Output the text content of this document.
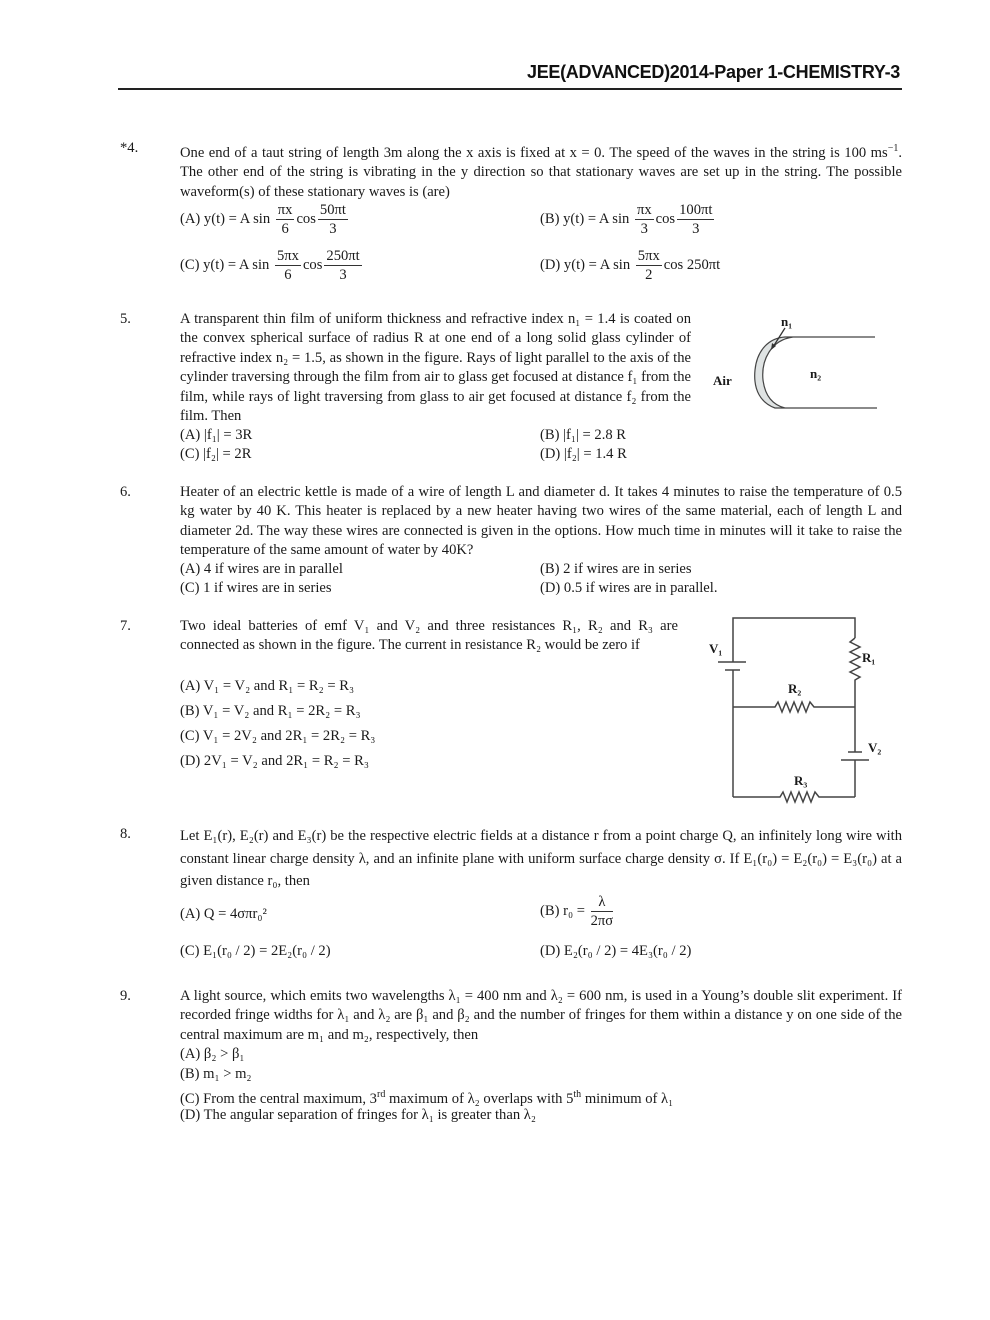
JEE(ADVANCED)2014-Paper 1-CHEMISTRY-3
*4.	One end of a taut string of length 3m along the x axis is fixed at x = 0. The speed of the waves in the string is 100 $ms^{-1}$. The other end of the string is vibrating in the y direction so that stationary waves are set up in the string. The possible waveform(s) of these stationary waves is (are)
(A) y(t) = A $\sin \frac{\pi x}{6}$ $\cos \frac{50\pi t}{3}$	(B) y(t) = A $\sin \frac{\pi x}{3}$ $\cos \frac{100\pi t}{3}$
(C) y(t) = A $\sin \frac{5\pi x}{6}$ $\cos \frac{250\pi t}{3}$	(D) y(t) = A $\sin \frac{5\pi x}{2}$ cos 250πt
5.	A transparent thin film of uniform thickness and refractive index n₁ = 1.4 is coated on the convex spherical surface of radius R at one end of a long solid glass cylinder of refractive index n₂ = 1.5, as shown in the figure. Rays of light parallel to the axis of the cylinder traversing through the film from air to glass get focused at distance f₁ from the film, while rays of light traversing from glass to air get focused at distance f₂ from the film. Then
(A) |f₁| = 3R	(B) |f₁| = 2.8 R
(C) |f₂| = 2R	(D) |f₂| = 1.4 R
n₁
n₂
Air
6.	Heater of an electric kettle is made of a wire of length L and diameter d. It takes 4 minutes to raise the temperature of 0.5 kg water by 40 K. This heater is replaced by a new heater having two wires of the same material, each of length L and diameter 2d. The way these wires are connected is given in the options. How much time in minutes will it take to raise the temperature of the same amount of water by 40K?
(A) 4 if wires are in parallel	(B) 2 if wires are in series
(C) 1 if wires are in series	(D) 0.5 if wires are in parallel.
7.	Two ideal batteries of emf V₁ and V₂ and three resistances R₁, R₂ and R₃ are connected as shown in the figure. The current in resistance R₂ would be zero if
(A) V₁ = V₂ and R₁ = R₂ = R₃
(B) V₁ = V₂ and R₁ = 2R₂ = R₃
(C) V₁ = 2V₂ and 2R₁ = 2R₂ = R₃
(D) 2V₁ = V₂ and 2R₁ = R₂ = R₃
V₁
R₁
R₂
V₂
R₃
8.	Let E₁(r), E₂(r) and E₃(r) be the respective electric fields at a distance r from a point charge Q, an infinitely long wire with constant linear charge density λ, and an infinite plane with uniform surface charge density σ. If E₁(r₀) = E₂(r₀) = E₃(r₀) at a given distance r₀, then
(A) Q = 4σπr₀²	(B) $r_0 = \frac{\lambda}{2\pi\sigma}$
(C) E₁(r₀ / 2) = 2E₂(r₀ / 2)	(D) E₂(r₀ / 2) = 4E₃(r₀ / 2)
9.	A light source, which emits two wavelengths λ₁ = 400 nm and λ₂ = 600 nm, is used in a Young’s double slit experiment. If recorded fringe widths for λ₁ and λ₂ are β₁ and β₂ and the number of fringes for them within a distance y on one side of the central maximum are m₁ and m₂, respectively, then
(A) β₂ > β₁
(B) m₁ > m₂
(C) From the central maximum, 3rd maximum of λ₂ overlaps with 5th minimum of λ₁
(D) The angular separation of fringes for λ₁ is greater than λ₂
